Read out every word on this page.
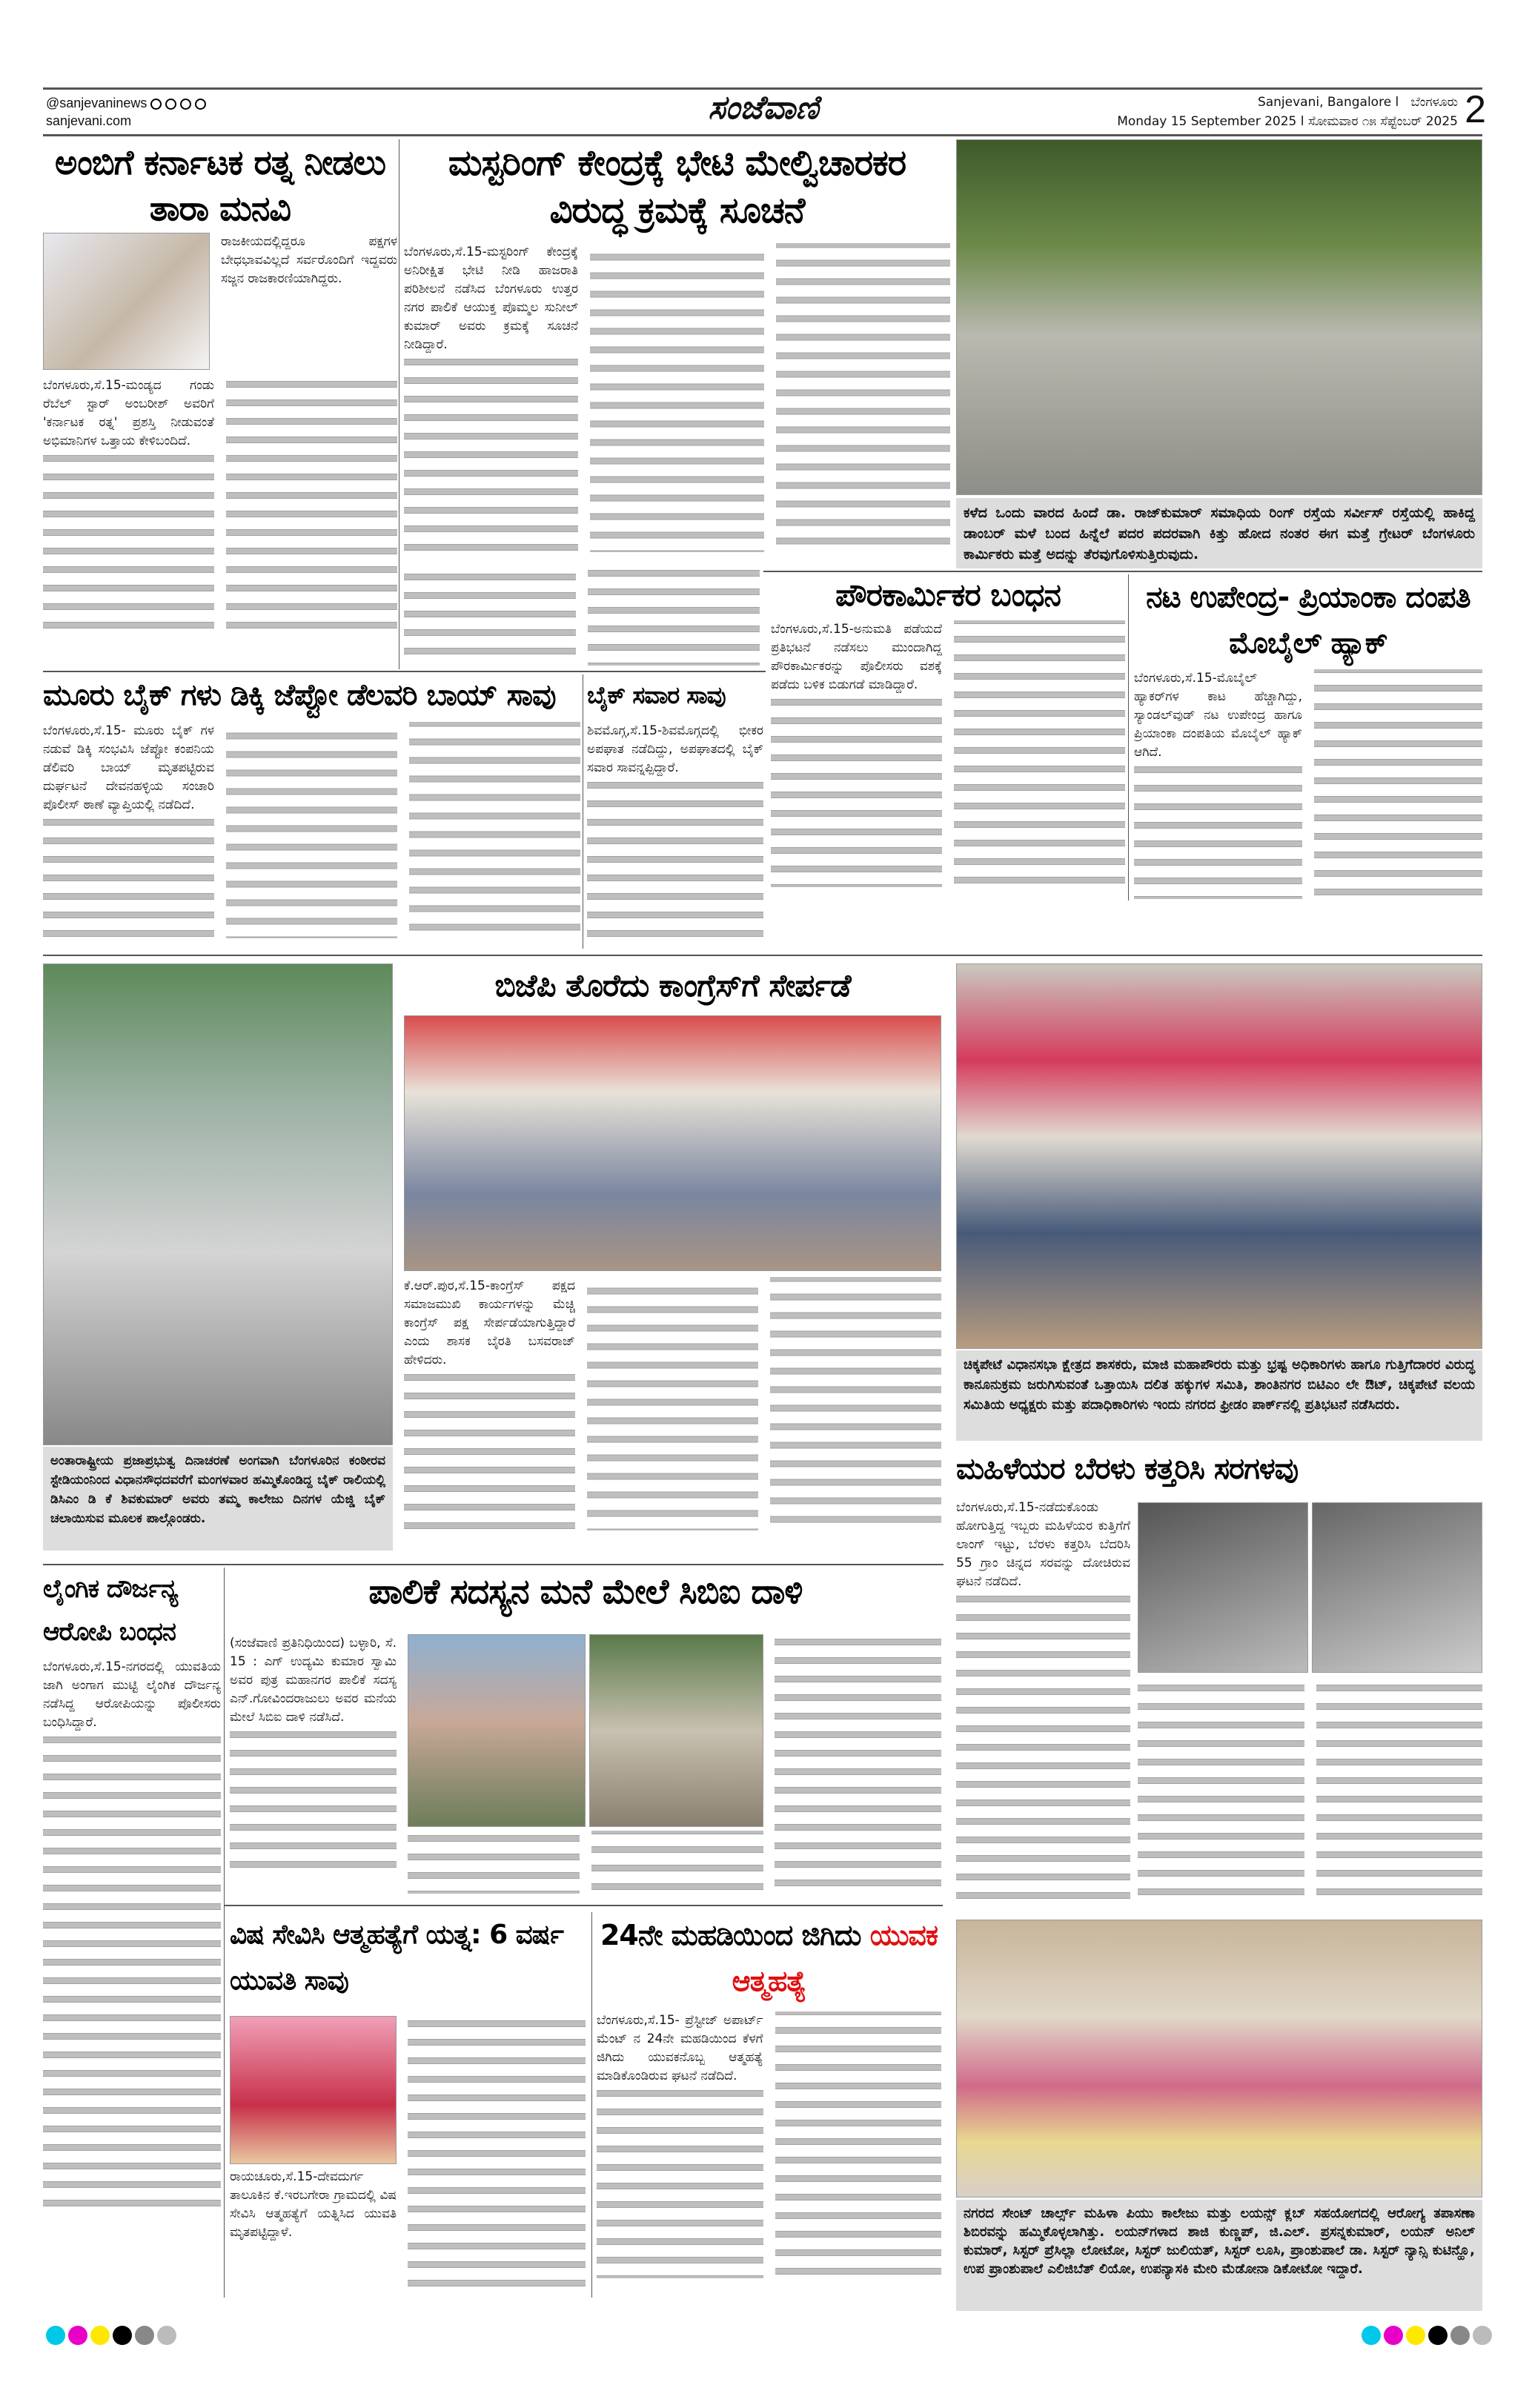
@sanjevaninews
sanjevani.com	ಸಂಜೆವಾಣಿ	Sanjevani, Bangalore l ಬೆಂಗಳೂರು
Monday 15 September 2025 l ಸೋಮವಾರ ೧೫ ಸೆಪ್ಟೆಂಬರ್ 2025 2
ಅಂಬಿಗೆ ಕರ್ನಾಟಕ ರತ್ನ ನೀಡಲು ತಾರಾ ಮನವಿ
ರಾಜಕೀಯದಲ್ಲಿದ್ದರೂ ಪಕ್ಷಗಳ ಬೇಧಭಾವವಿಲ್ಲದೆ ಸರ್ವರೊಂದಿಗೆ ಇದ್ದವರು ಸಜ್ಜನ ರಾಜಕಾರಣಿಯಾಗಿದ್ದರು.
ಬೆಂಗಳೂರು,ಸೆ.15-ಮಂಡ್ಯದ ಗಂಡು ರೆಬೆಲ್ ಸ್ಟಾರ್ ಅಂಬರೀಶ್ ಅವರಿಗೆ 'ಕರ್ನಾಟಕ ರತ್ನ' ಪ್ರಶಸ್ತಿ ನೀಡುವಂತೆ ಅಭಿಮಾನಿಗಳ ಒತ್ತಾಯ ಕೇಳಿಬಂದಿದೆ.
ಮಸ್ಟರಿಂಗ್ ಕೇಂದ್ರಕ್ಕೆ ಭೇಟಿ ಮೇಲ್ವಿಚಾರಕರ ವಿರುದ್ಧ ಕ್ರಮಕ್ಕೆ ಸೂಚನೆ
ಬೆಂಗಳೂರು,ಸೆ.15-ಮಸ್ಟರಿಂಗ್ ಕೇಂದ್ರಕ್ಕೆ ಅನಿರೀಕ್ಷಿತ ಭೇಟಿ ನೀಡಿ ಹಾಜರಾತಿ ಪರಿಶೀಲನೆ ನಡೆಸಿದ ಬೆಂಗಳೂರು ಉತ್ತರ ನಗರ ಪಾಲಿಕೆ ಆಯುಕ್ತ ಪೊಮ್ಮಲ ಸುನೀಲ್ ಕುಮಾರ್ ಅವರು ಕ್ರಮಕ್ಕೆ ಸೂಚನೆ ನೀಡಿದ್ದಾರೆ.
ಕಳೆದ ಒಂದು ವಾರದ ಹಿಂದೆ ಡಾ. ರಾಜ್‌ಕುಮಾರ್ ಸಮಾಧಿಯ ರಿಂಗ್ ರಸ್ತೆಯ ಸರ್ವೀಸ್ ರಸ್ತೆಯಲ್ಲಿ ಹಾಕಿದ್ದ ಡಾಂಬರ್ ಮಳೆ ಬಂದ ಹಿನ್ನೆಲೆ ಪದರ ಪದರವಾಗಿ ಕಿತ್ತು ಹೋದ ನಂತರ ಈಗ ಮತ್ತೆ ಗ್ರೇಟರ್ ಬೆಂಗಳೂರು ಕಾರ್ಮಿಕರು ಮತ್ತೆ ಅದನ್ನು ತೆರವುಗೊಳಿಸುತ್ತಿರುವುದು.
ಪೌರಕಾರ್ಮಿಕರ ಬಂಧನ
ಬೆಂಗಳೂರು,ಸೆ.15-ಅನುಮತಿ ಪಡೆಯದೆ ಪ್ರತಿಭಟನೆ ನಡೆಸಲು ಮುಂದಾಗಿದ್ದ ಪೌರಕಾರ್ಮಿಕರನ್ನು ಪೊಲೀಸರು ವಶಕ್ಕೆ ಪಡೆದು ಬಳಿಕ ಬಿಡುಗಡೆ ಮಾಡಿದ್ದಾರೆ.
ನಟ ಉಪೇಂದ್ರ- ಪ್ರಿಯಾಂಕಾ ದಂಪತಿ ಮೊಬೈಲ್ ಹ್ಯಾಕ್
ಬೆಂಗಳೂರು,ಸೆ.15-ಮೊಬೈಲ್ ಹ್ಯಾಕರ್‌ಗಳ ಕಾಟ ಹೆಚ್ಚಾಗಿದ್ದು, ಸ್ಯಾಂಡಲ್‌ವುಡ್ ನಟ ಉಪೇಂದ್ರ ಹಾಗೂ ಪ್ರಿಯಾಂಕಾ ದಂಪತಿಯ ಮೊಬೈಲ್ ಹ್ಯಾಕ್ ಆಗಿದೆ.
ಮೂರು ಬೈಕ್ ಗಳು ಡಿಕ್ಕಿ ಜೆಪ್ಟೋ ಡೆಲವರಿ ಬಾಯ್ ಸಾವು
ಬೆಂಗಳೂರು,ಸೆ.15- ಮೂರು ಬೈಕ್ ಗಳ ನಡುವೆ ಡಿಕ್ಕಿ ಸಂಭವಿಸಿ ಜೆಪ್ಟೋ ಕಂಪನಿಯ ಡೆಲಿವರಿ ಬಾಯ್ ಮೃತಪಟ್ಟಿರುವ ದುರ್ಘಟನೆ ದೇವನಹಳ್ಳಿಯ ಸಂಚಾರಿ ಪೊಲೀಸ್ ಠಾಣೆ ವ್ಯಾಪ್ತಿಯಲ್ಲಿ ನಡೆದಿದೆ.
ಬೈಕ್ ಸವಾರ ಸಾವು
ಶಿವಮೊಗ್ಗ,ಸೆ.15-ಶಿವಮೊಗ್ಗದಲ್ಲಿ ಭೀಕರ ಅಪಘಾತ ನಡೆದಿದ್ದು, ಅಪಘಾತದಲ್ಲಿ ಬೈಕ್ ಸವಾರ ಸಾವನ್ನಪ್ಪಿದ್ದಾರೆ.
ಅಂತಾರಾಷ್ಟ್ರೀಯ ಪ್ರಜಾಪ್ರಭುತ್ವ ದಿನಾಚರಣೆ ಅಂಗವಾಗಿ ಬೆಂಗಳೂರಿನ ಕಂಠೀರವ ಸ್ಟೇಡಿಯಂನಿಂದ ವಿಧಾನಸೌಧದವರೆಗೆ ಮಂಗಳವಾರ ಹಮ್ಮಿಕೊಂಡಿದ್ದ ಬೈಕ್ ರಾಲಿಯಲ್ಲಿ ಡಿಸಿಎಂ ಡಿ ಕೆ ಶಿವಕುಮಾರ್ ಅವರು ತಮ್ಮ ಕಾಲೇಜು ದಿನಗಳ ಯೆಜ್ಡಿ ಬೈಕ್ ಚಲಾಯಿಸುವ ಮೂಲಕ ಪಾಲ್ಗೊಂಡರು.
ಬಿಜೆಪಿ ತೊರೆದು ಕಾಂಗ್ರೆಸ್‌ಗೆ ಸೇರ್ಪಡೆ
ಕೆ.ಆರ್.ಪುರ,ಸೆ.15-ಕಾಂಗ್ರೆಸ್ ಪಕ್ಷದ ಸಮಾಜಮುಖಿ ಕಾರ್ಯಗಳನ್ನು ಮೆಚ್ಚಿ ಕಾಂಗ್ರೆಸ್ ಪಕ್ಷ ಸೇರ್ಪಡೆಯಾಗುತ್ತಿದ್ದಾರೆ ಎಂದು ಶಾಸಕ ಬೈರತಿ ಬಸವರಾಜ್ ಹೇಳಿದರು.	ಚಿಕ್ಕಪೇಟೆ ವಿಧಾನಸಭಾ ಕ್ಷೇತ್ರದ ಶಾಸಕರು, ಮಾಜಿ ಮಹಾಪೌರರು ಮತ್ತು ಭ್ರಷ್ಟ ಅಧಿಕಾರಿಗಳು ಹಾಗೂ ಗುತ್ತಿಗೆದಾರರ ವಿರುದ್ಧ ಕಾನೂನುಕ್ರಮ ಜರುಗಿಸುವಂತೆ ಒತ್ತಾಯಿಸಿ ದಲಿತ ಹಕ್ಕುಗಳ ಸಮಿತಿ, ಶಾಂತಿನಗರ ಬಿಟಿಎಂ ಲೇ ಔಟ್, ಚಿಕ್ಕಪೇಟೆ ವಲಯ ಸಮಿತಿಯ ಅಧ್ಯಕ್ಷರು ಮತ್ತು ಪದಾಧಿಕಾರಿಗಳು ಇಂದು ನಗರದ ಫ್ರೀಡಂ ಪಾರ್ಕ್‌ನಲ್ಲಿ ಪ್ರತಿಭಟನೆ ನಡೆಸಿದರು.
ಮಹಿಳೆಯರ ಬೆರಳು ಕತ್ತರಿಸಿ ಸರಗಳವು
ಬೆಂಗಳೂರು,ಸೆ.15-ನಡೆದುಕೊಂಡು ಹೋಗುತ್ತಿದ್ದ ಇಬ್ಬರು ಮಹಿಳೆಯರ ಕುತ್ತಿಗೆಗೆ ಲಾಂಗ್ ಇಟ್ಟು, ಬೆರಳು ಕತ್ತರಿಸಿ ಬೆದರಿಸಿ 55 ಗ್ರಾಂ ಚಿನ್ನದ ಸರವನ್ನು ದೋಚಿರುವ ಘಟನೆ ನಡೆದಿದೆ.
ಲೈಂಗಿಕ ದೌರ್ಜನ್ಯ ಆರೋಪಿ ಬಂಧನ
ಬೆಂಗಳೂರು,ಸೆ.15-ನಗರದಲ್ಲಿ ಯುವತಿಯ ಜಾಗಿ ಅಂಗಾಗ ಮುಟ್ಟಿ ಲೈಂಗಿಕ ದೌರ್ಜನ್ಯ ನಡೆಸಿದ್ದ ಆರೋಪಿಯನ್ನು ಪೊಲೀಸರು ಬಂಧಿಸಿದ್ದಾರೆ.
ಪಾಲಿಕೆ ಸದಸ್ಯನ ಮನೆ ಮೇಲೆ ಸಿಬಿಐ ದಾಳಿ
(ಸಂಜೆವಾಣಿ ಪ್ರತಿನಿಧಿಯಿಂದ) ಬಳ್ಳಾರಿ, ಸೆ. 15 : ಎಗ್ ಉದ್ಯಮಿ ಕುಮಾರ ಸ್ವಾಮಿ ಅವರ ಪುತ್ರ ಮಹಾನಗರ ಪಾಲಿಕೆ ಸದಸ್ಯ ಎನ್.ಗೋವಿಂದರಾಜುಲು ಅವರ ಮನೆಯ ಮೇಲೆ ಸಿಬಿಐ ದಾಳಿ ನಡೆಸಿದೆ.
ವಿಷ ಸೇವಿಸಿ ಆತ್ಮಹತ್ಯೆಗೆ ಯತ್ನ: 6 ವರ್ಷ ಯುವತಿ ಸಾವು
ರಾಯಚೂರು,ಸೆ.15-ದೇವದುರ್ಗ ತಾಲೂಕಿನ ಕೆ.ಇರಬಗೇರಾ ಗ್ರಾಮದಲ್ಲಿ ವಿಷ ಸೇವಿಸಿ ಆತ್ಮಹತ್ಯೆಗೆ ಯತ್ನಿಸಿದ ಯುವತಿ ಮೃತಪಟ್ಟಿದ್ದಾಳೆ.
24ನೇ ಮಹಡಿಯಿಂದ ಜಿಗಿದು ಯುವಕ ಆತ್ಮಹತ್ಯೆ
ಬೆಂಗಳೂರು,ಸೆ.15- ಪ್ರೆಸ್ಟೀಜ್ ಅಪಾರ್ಟ್ ಮೆಂಟ್ ನ 24ನೇ ಮಹಡಿಯಿಂದ ಕೆಳಗೆ ಜಿಗಿದು ಯುವಕನೊಬ್ಬ ಆತ್ಮಹತ್ಯೆ ಮಾಡಿಕೊಂಡಿರುವ ಘಟನೆ ನಡೆದಿದೆ.
ನಗರದ ಸೇಂಟ್ ಚಾರ್ಲ್ಸ್ ಮಹಿಳಾ ಪಿಯು ಕಾಲೇಜು ಮತ್ತು ಲಯನ್ಸ್ ಕ್ಲಬ್ ಸಹಯೋಗದಲ್ಲಿ ಆರೋಗ್ಯ ತಪಾಸಣಾ ಶಿಬಿರವನ್ನು ಹಮ್ಮಿಕೊಳ್ಳಲಾಗಿತ್ತು. ಲಯನ್‌ಗಳಾದ ಶಾಜಿ ಕುಣ್ಣಪ್, ಜಿ.ಎಲ್. ಪ್ರಸನ್ನಕುಮಾರ್, ಲಯನ್ ಅನಿಲ್ ಕುಮಾರ್, ಸಿಸ್ಟರ್ ಪ್ರೆಸಿಲ್ಲಾ ಲೋಟೋ, ಸಿಸ್ಟರ್ ಜುಲಿಯತ್, ಸಿಸ್ಟರ್ ಲೂಸಿ, ಪ್ರಾಂಶುಪಾಲೆ ಡಾ. ಸಿಸ್ಟರ್ ನ್ಯಾನ್ಸಿ ಕುಟಿನ್ಹೊ, ಉಪ ಪ್ರಾಂಶುಪಾಲೆ ಎಲಿಜಿಬೆತ್ ಲಿಯೋ, ಉಪನ್ಯಾಸಕಿ ಮೇರಿ ಮೆಡೋನಾ ಡಿಕೋಟೋ ಇದ್ದಾರೆ.
